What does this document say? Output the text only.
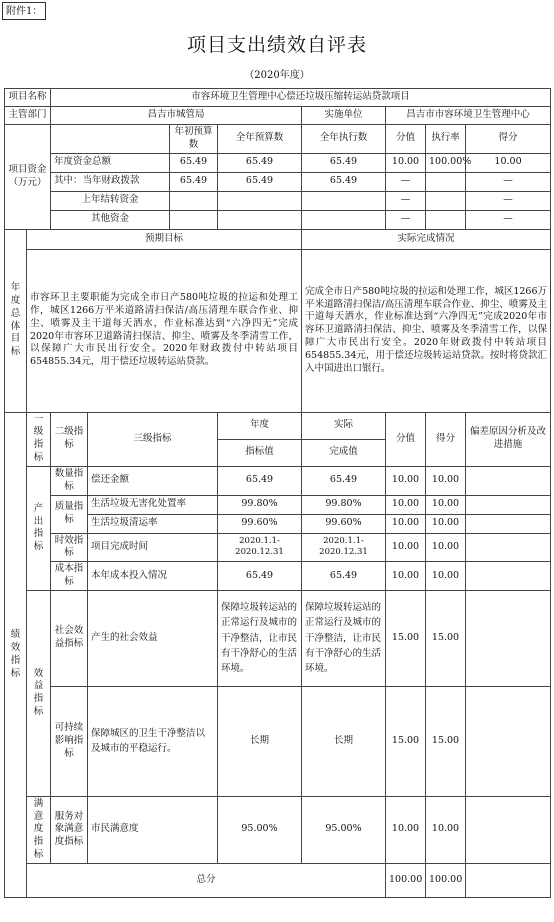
附件1：
项目支出绩效自评表
（2020年度）
项目名称		市容环境卫生管理中心偿还垃圾压缩转运站贷款项目							
主管部门		昌吉市城管局				实施单位	昌吉市市容环境卫生管理中心		
项目资金（万元）				年初预算数	全年预算数	全年执行数	分值	执行率	得分
		年度资金总额		65.49	65.49	65.49	10.00	100.00%	10.00
		其中：当年财政拨款		65.49	65.49	65.49	—		—
		上年结转资金					—		—
		其他资金					—		—
年度总体目标	预期目标					实际完成情况			
	市容环卫主要职能为完成全市日产580吨垃圾的拉运和处理工作，城区1266万平米道路清扫保洁/高压清理车联合作业、抑尘、喷雾及主干道每天洒水，作业标准达到“六净四无”完成2020年市容环卫道路清扫保洁、抑尘、喷雾及冬季清雪工作，以保障广大市民出行安全。2020年财政拨付中转站项目654855.34元，用于偿还垃圾转运站贷款。					完成全市日产580吨垃圾的拉运和处理工作，城区1266万平米道路清扫保洁/高压清理车联合作业、抑尘、喷雾及主干道每天洒水，作业标准达到“六净四无”完成2020年市容环卫道路清扫保洁、抑尘、喷雾及冬季清雪工作，以保障广大市民出行安全。2020年财政拨付中转站项目654855.34元，用于偿还垃圾转运站贷款。按时将贷款汇入中国进出口银行。			
绩效指标	一级指标	二级指标	三级指标		年度	实际	分值	得分	偏差原因分析及改进措施
					指标值	完成值			
	产出指标	数量指标	偿还金额		65.49	65.49	10.00	10.00	
		质量指标	生活垃圾无害化处置率		99.80%	99.80%	10.00	10.00	
			生活垃圾清运率		99.60%	99.60%	10.00	10.00	
		时效指标	项目完成时间		2020.1.1-2020.12.31	2020.1.1-2020.12.31	10.00	10.00	
		成本指标	本年成本投入情况		65.49	65.49	10.00	10.00	
	效益指标	社会效益指标	产生的社会效益		保障垃圾转运站的正常运行及城市的干净整洁，让市民有干净舒心的生活环境。	保障垃圾转运站的正常运行及城市的干净整洁，让市民有干净舒心的生活环境。	15.00	15.00	
		可持续影响指标	保障城区的卫生干净整洁以及城市的平稳运行。		长期	长期	15.00	15.00	
	满意度指标	服务对象满意度指标	市民满意度		95.00%	95.00%	10.00	10.00	
	总分						100.00	100.00	
